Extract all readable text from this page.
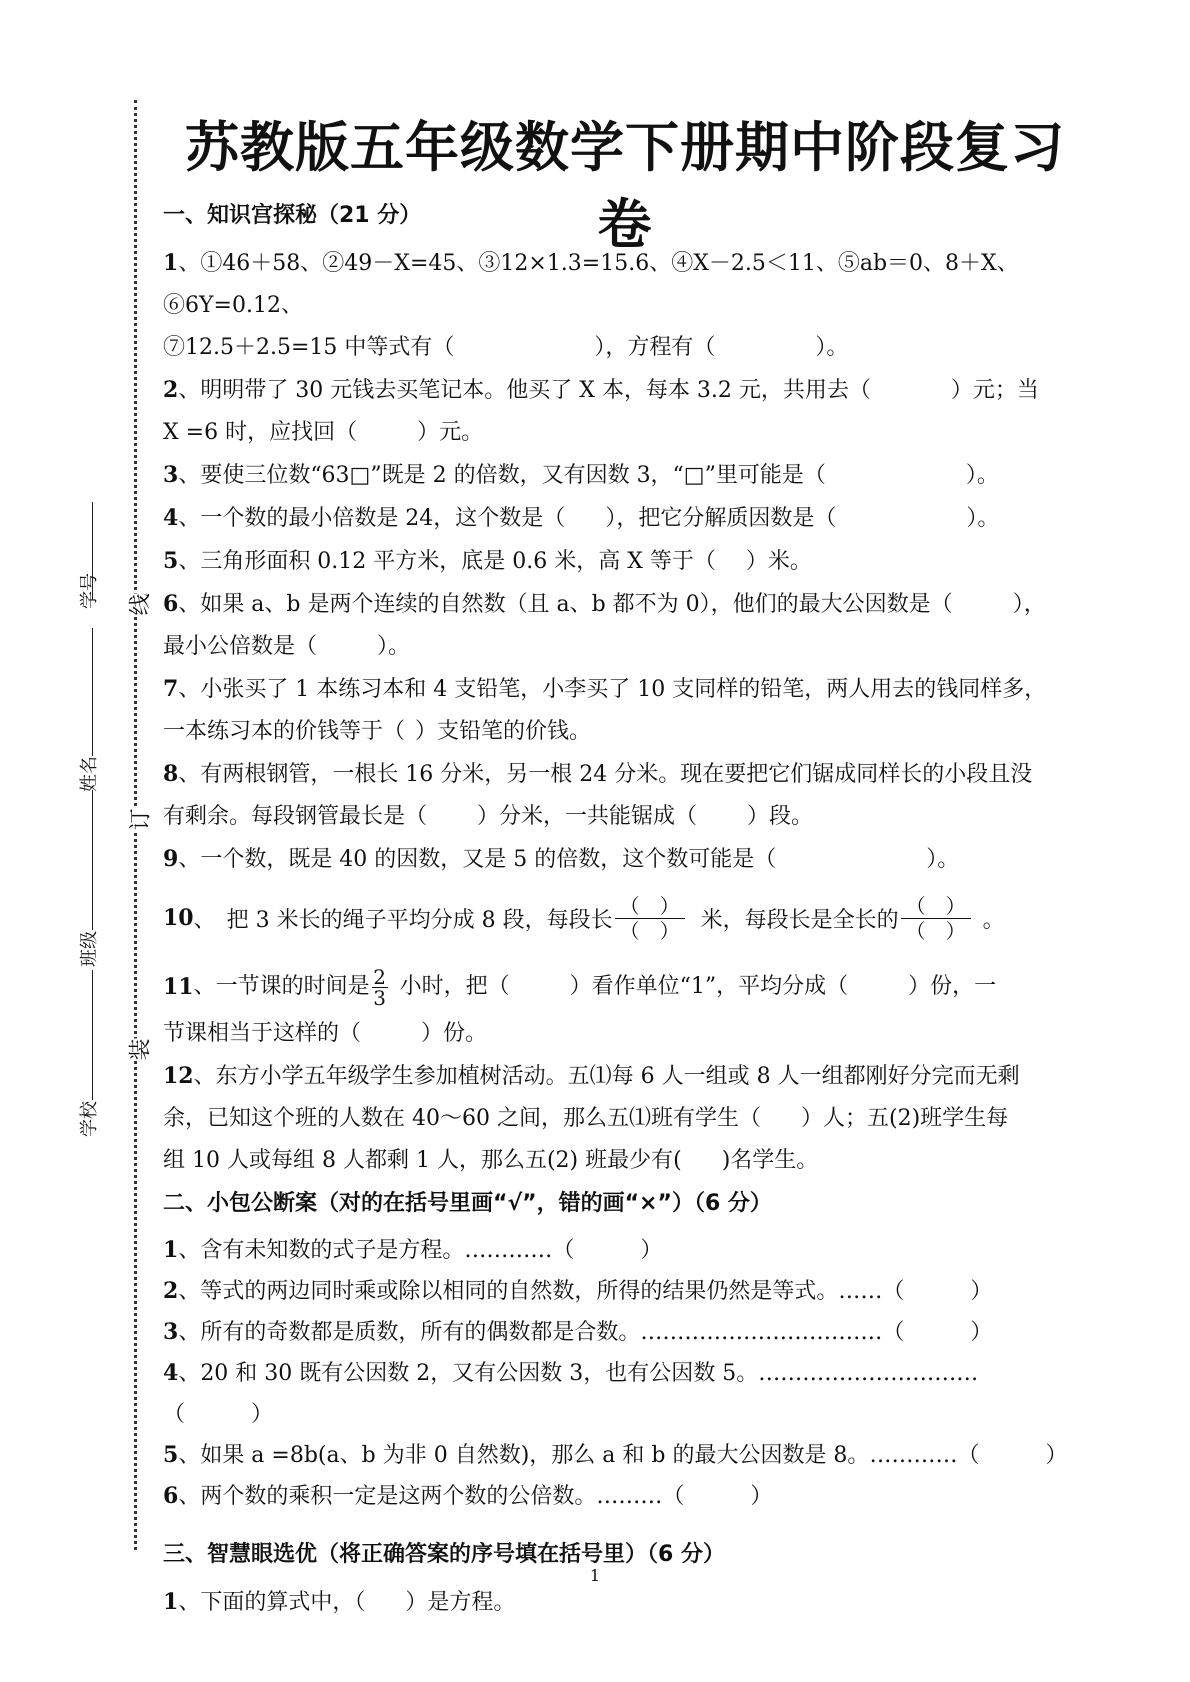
学号
姓名
班级
学校
线
订
装
苏教版五年级数学下册期中阶段复习卷
一、知识宫探秘（21 分）

1、①46＋58、②49－X=45、③12×1.3=15.6、④X－2.5＜11、⑤ab＝0、8＋X、⑥6Y=0.12、

⑦12.5＋2.5=15 中等式有（	），方程有（	）。

2、明明带了 30 元钱去买笔记本。他买了 X 本，每本 3.2 元，共用去（	）元；当

X =6 时，应找回（	）元。

3、要使三位数“63□”既是 2 的倍数，又有因数 3，“□”里可能是（	）。

4、一个数的最小倍数是 24，这个数是（ ），把它分解质因数是（	）。

5、三角形面积 0.12 平方米，底是 0.6 米，高 X 等于（ ）米。

6、如果 a、b 是两个连续的自然数（且 a、b 都不为 0），他们的最大公因数是（	），

最小公倍数是（	）。

7、小张买了 1 本练习本和 4 支铅笔，小李买了 10 支同样的铅笔，两人用去的钱同样多，

一本练习本的价钱等于（ ）支铅笔的价钱。

8、有两根钢管，一根长 16 分米，另一根 24 分米。现在要把它们锯成同样长的小段且没

有剩余。每段钢管最长是（ ）分米，一共能锯成（ ）段。

9、一个数，既是 40 的因数，又是 5 的倍数，这个数可能是（	）。

10 、　把 3 米长的绳子平均分成 8 段，每段长 $\frac{( )}{( )}$ 米，每段长是全长的 $\frac{( )}{( )}$ 。

11 、一节课的时间是 $\frac{2}{3}$ 小时，把（	）看作单位“1”，平均分成（	）份，一

节课相当于这样的（	）份。

12、东方小学五年级学生参加植树活动。五⑴每 6 人一组或 8 人一组都刚好分完而无剩

余，已知这个班的人数在 40～60 之间，那么五⑴班有学生（ ）人；五(2)班学生每

组 10 人或每组 8 人都剩 1 人，那么五(2) 班最少有( )名学生。

二、小包公断案（对的在括号里画“√”，错的画“×”）（6 分）

1、含有未知数的式子是方程。…………（　　　）

2、等式的两边同时乘或除以相同的自然数，所得的结果仍然是等式。……（　　　）

3、所有的奇数都是质数，所有的偶数都是合数。……………………………（　　　）

4、20 和 30 既有公因数 2，又有公因数 3，也有公因数 5。…………………………（　　　）

5、如果 a =8b(a、b 为非 0 自然数)，那么 a 和 b 的最大公因数是 8。…………（　　　）

6、两个数的乘积一定是这两个数的公倍数。………（　　　）

三、智慧眼选优（将正确答案的序号填在括号里）（6 分）

1、下面的算式中，（ ）是方程。

1
